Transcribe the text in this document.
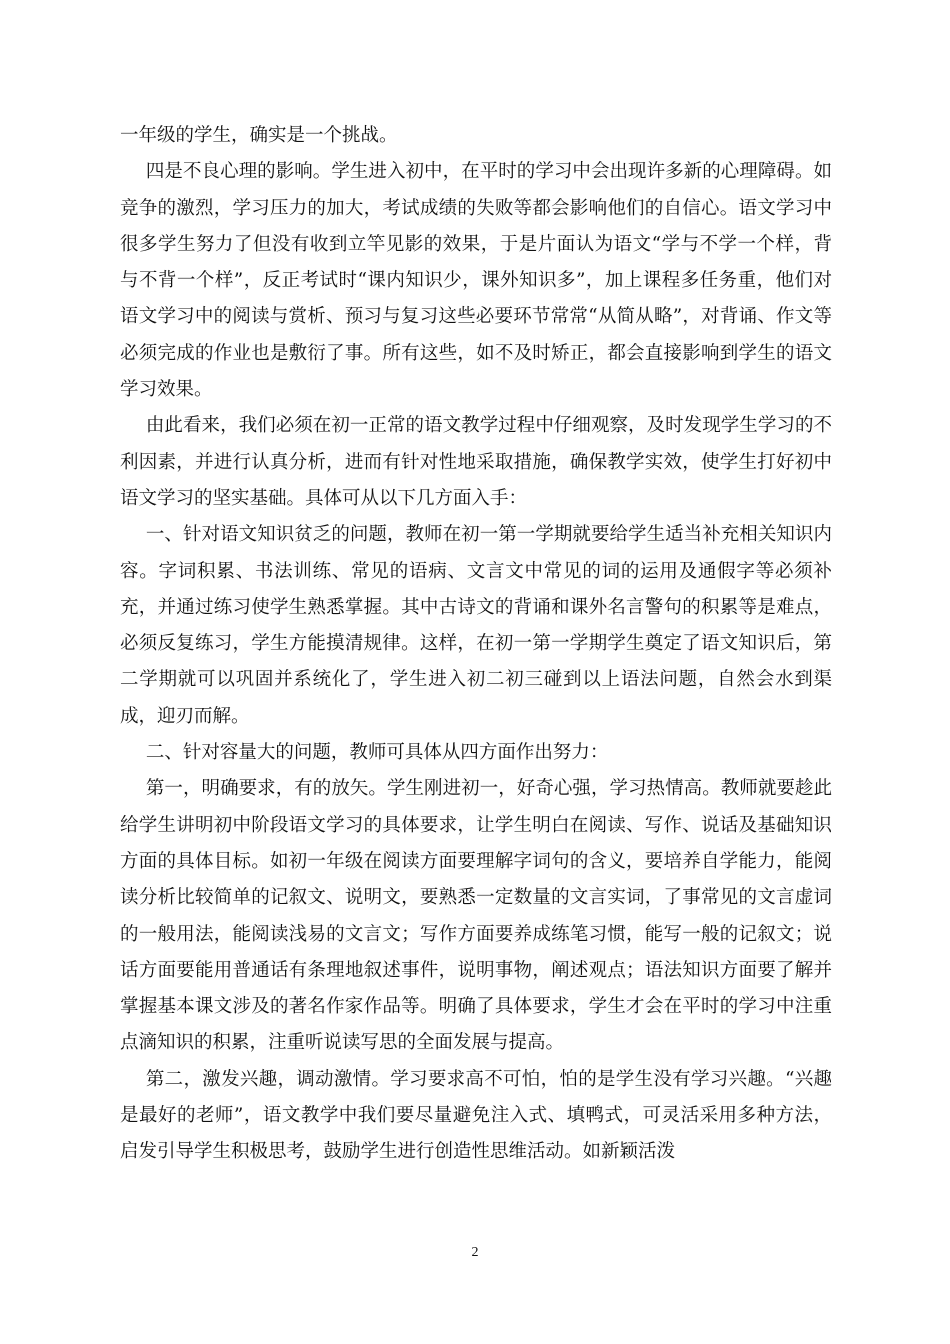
一年级的学生，确实是一个挑战。

四是不良心理的影响。学生进入初中，在平时的学习中会出现许多新的心理障碍。如竞争的激烈，学习压力的加大，考试成绩的失败等都会影响他们的自信心。语文学习中很多学生努力了但没有收到立竿见影的效果，于是片面认为语文“学与不学一个样，背与不背一个样”，反正考试时“课内知识少，课外知识多”，加上课程多任务重，他们对语文学习中的阅读与赏析、预习与复习这些必要环节常常“从简从略”，对背诵、作文等必须完成的作业也是敷衍了事。所有这些，如不及时矫正，都会直接影响到学生的语文学习效果。

由此看来，我们必须在初一正常的语文教学过程中仔细观察，及时发现学生学习的不利因素，并进行认真分析，进而有针对性地采取措施，确保教学实效，使学生打好初中语文学习的坚实基础。具体可从以下几方面入手：

一、针对语文知识贫乏的问题，教师在初一第一学期就要给学生适当补充相关知识内容。字词积累、书法训练、常见的语病、文言文中常见的词的运用及通假字等必须补充，并通过练习使学生熟悉掌握。其中古诗文的背诵和课外名言警句的积累等是难点，必须反复练习，学生方能摸清规律。这样，在初一第一学期学生奠定了语文知识后，第二学期就可以巩固并系统化了，学生进入初二初三碰到以上语法问题，自然会水到渠成，迎刃而解。

二、针对容量大的问题，教师可具体从四方面作出努力：

第一，明确要求，有的放矢。学生刚进初一，好奇心强，学习热情高。教师就要趁此给学生讲明初中阶段语文学习的具体要求，让学生明白在阅读、写作、说话及基础知识方面的具体目标。如初一年级在阅读方面要理解字词句的含义，要培养自学能力，能阅读分析比较简单的记叙文、说明文，要熟悉一定数量的文言实词，了事常见的文言虚词的一般用法，能阅读浅易的文言文；写作方面要养成练笔习惯，能写一般的记叙文；说话方面要能用普通话有条理地叙述事件，说明事物，阐述观点；语法知识方面要了解并掌握基本课文涉及的著名作家作品等。明确了具体要求，学生才会在平时的学习中注重点滴知识的积累，注重听说读写思的全面发展与提高。

第二，激发兴趣，调动激情。学习要求高不可怕，怕的是学生没有学习兴趣。“兴趣是最好的老师”，语文教学中我们要尽量避免注入式、填鸭式，可灵活采用多种方法，启发引导学生积极思考，鼓励学生进行创造性思维活动。如新颖活泼

2
